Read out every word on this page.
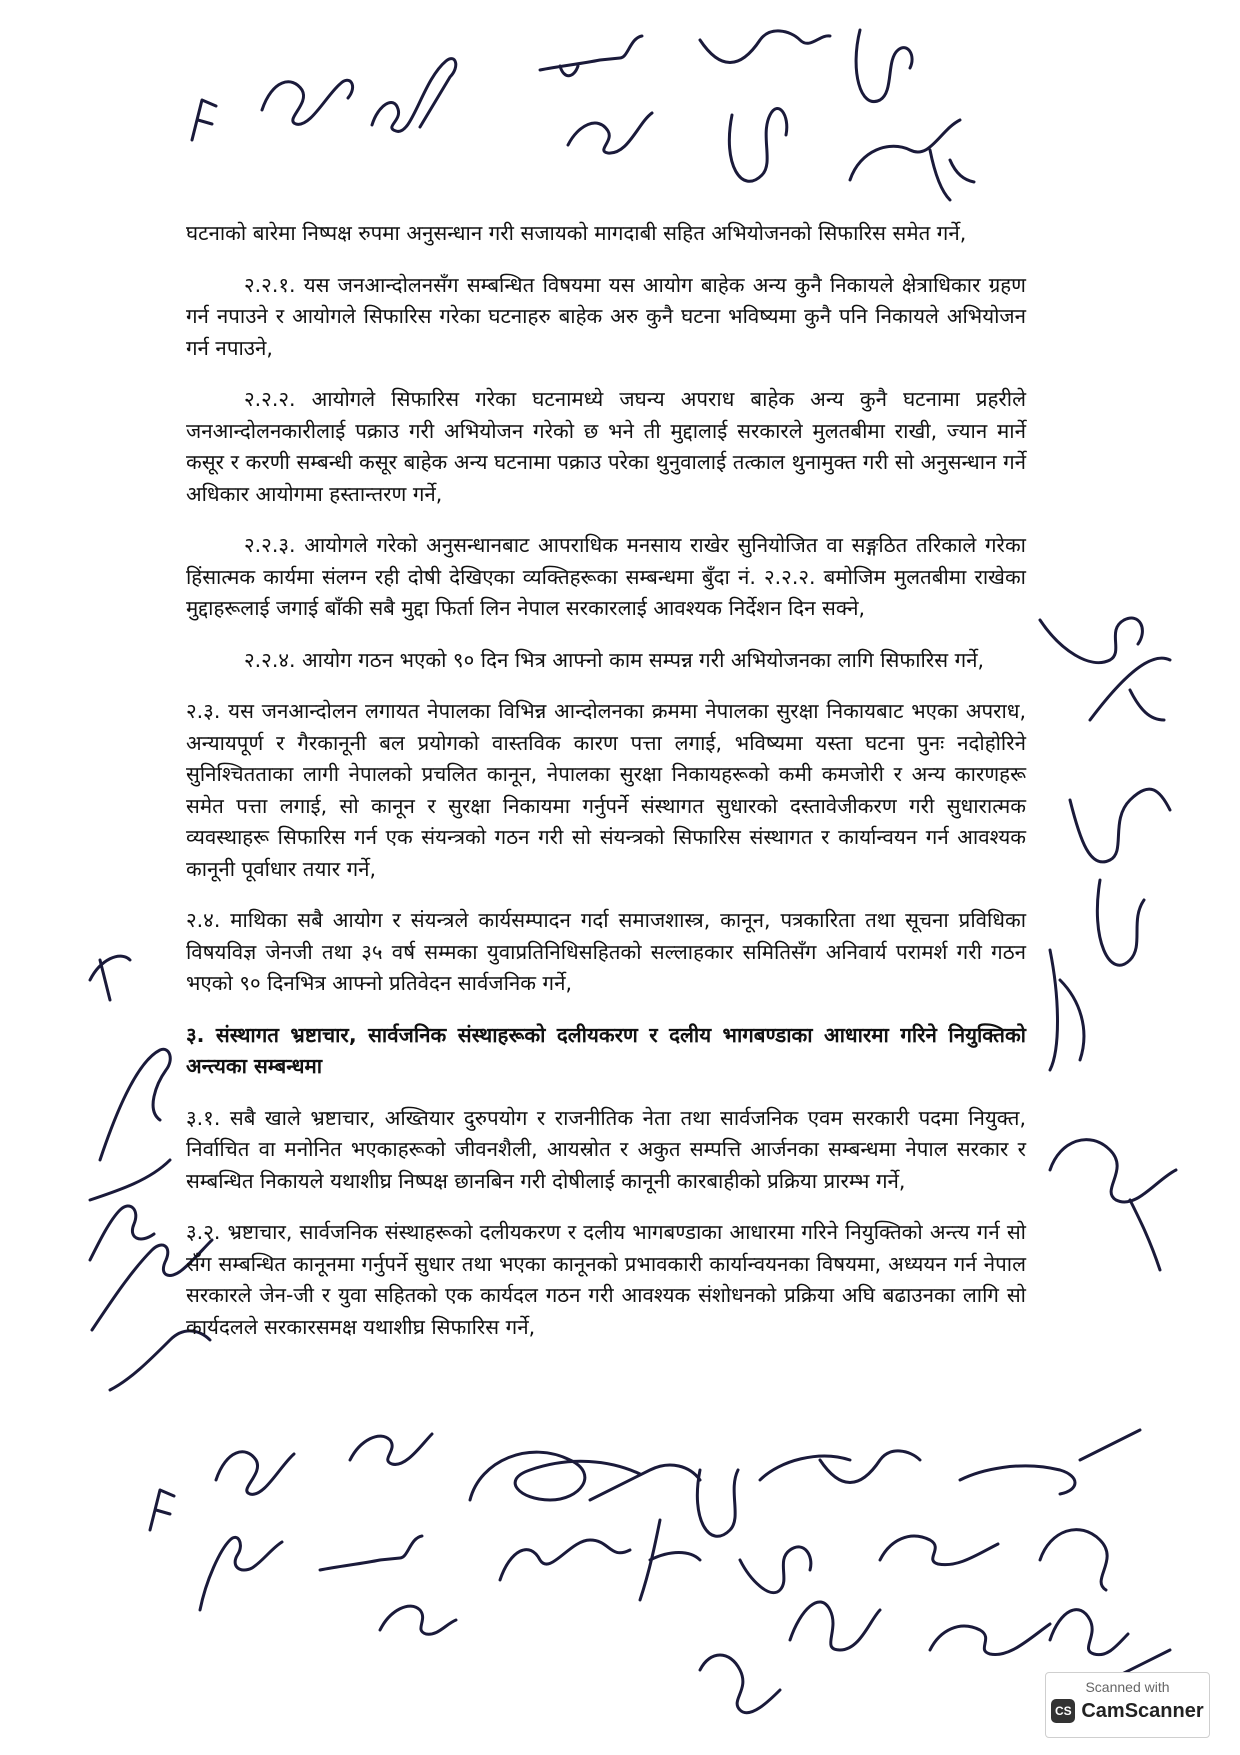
घटनाको बारेमा निष्पक्ष रुपमा अनुसन्धान गरी सजायको मागदाबी सहित अभियोजनको सिफारिस समेत गर्ने,

२.२.१. यस जनआन्दोलनसँग सम्बन्धित विषयमा यस आयोग बाहेक अन्य कुनै निकायले क्षेत्राधिकार ग्रहण गर्न नपाउने र आयोगले सिफारिस गरेका घटनाहरु बाहेक अरु कुनै घटना भविष्यमा कुनै पनि निकायले अभियोजन गर्न नपाउने,

२.२.२. आयोगले सिफारिस गरेका घटनामध्ये जघन्य अपराध बाहेक अन्य कुनै घटनामा प्रहरीले जनआन्दोलनकारीलाई पक्राउ गरी अभियोजन गरेको छ भने ती मुद्दालाई सरकारले मुलतबीमा राखी, ज्यान मार्ने कसूर र करणी सम्बन्धी कसूर बाहेक अन्य घटनामा पक्राउ परेका थुनुवालाई तत्काल थुनामुक्त गरी सो अनुसन्धान गर्ने अधिकार आयोगमा हस्तान्तरण गर्ने,

२.२.३. आयोगले गरेको अनुसन्धानबाट आपराधिक मनसाय राखेर सुनियोजित वा सङ्गठित तरिकाले गरेका हिंसात्मक कार्यमा संलग्न रही दोषी देखिएका व्यक्तिहरूका सम्बन्धमा बुँदा नं. २.२.२. बमोजिम मुलतबीमा राखेका मुद्दाहरूलाई जगाई बाँकी सबै मुद्दा फिर्ता लिन नेपाल सरकारलाई आवश्यक निर्देशन दिन सक्ने,

२.२.४. आयोग गठन भएको ९० दिन भित्र आफ्नो काम सम्पन्न गरी अभियोजनका लागि सिफारिस गर्ने,

२.३. यस जनआन्दोलन लगायत नेपालका विभिन्न आन्दोलनका क्रममा नेपालका सुरक्षा निकायबाट भएका अपराध, अन्यायपूर्ण र गैरकानूनी बल प्रयोगको वास्तविक कारण पत्ता लगाई, भविष्यमा यस्ता घटना पुनः नदोहोरिने सुनिश्चितताका लागी नेपालको प्रचलित कानून, नेपालका सुरक्षा निकायहरूको कमी कमजोरी र अन्य कारणहरू समेत पत्ता लगाई, सो कानून र सुरक्षा निकायमा गर्नुपर्ने संस्थागत सुधारको दस्तावेजीकरण गरी सुधारात्मक व्यवस्थाहरू सिफारिस गर्न एक संयन्त्रको गठन गरी सो संयन्त्रको सिफारिस संस्थागत र कार्यान्वयन गर्न आवश्यक कानूनी पूर्वाधार तयार गर्ने,

२.४. माथिका सबै आयोग र संयन्त्रले कार्यसम्पादन गर्दा समाजशास्त्र, कानून, पत्रकारिता तथा सूचना प्रविधिका विषयविज्ञ जेनजी तथा ३५ वर्ष सम्मका युवाप्रतिनिधिसहितको सल्लाहकार समितिसँग अनिवार्य परामर्श गरी गठन भएको ९० दिनभित्र आफ्नो प्रतिवेदन सार्वजनिक गर्ने,

३. संस्थागत भ्रष्टाचार, सार्वजनिक संस्थाहरूको दलीयकरण र दलीय भागबण्डाका आधारमा गरिने नियुक्तिको अन्त्यका सम्बन्धमा

३.१. सबै खाले भ्रष्टाचार, अख्तियार दुरुपयोग र राजनीतिक नेता तथा सार्वजनिक एवम सरकारी पदमा नियुक्त, निर्वाचित वा मनोनित भएकाहरूको जीवनशैली, आयस्रोत र अकुत सम्पत्ति आर्जनका सम्बन्धमा नेपाल सरकार र सम्बन्धित निकायले यथाशीघ्र निष्पक्ष छानबिन गरी दोषीलाई कानूनी कारबाहीको प्रक्रिया प्रारम्भ गर्ने,

३.२. भ्रष्टाचार, सार्वजनिक संस्थाहरूको दलीयकरण र दलीय भागबण्डाका आधारमा गरिने नियुक्तिको अन्त्य गर्न सो सँग सम्बन्धित कानूनमा गर्नुपर्ने सुधार तथा भएका कानूनको प्रभावकारी कार्यान्वयनका विषयमा, अध्ययन गर्न नेपाल सरकारले जेन-जी र युवा सहितको एक कार्यदल गठन गरी आवश्यक संशोधनको प्रक्रिया अघि बढाउनका लागि सो कार्यदलले सरकारसमक्ष यथाशीघ्र सिफारिस गर्ने,

Scanned with
CS CamScanner
